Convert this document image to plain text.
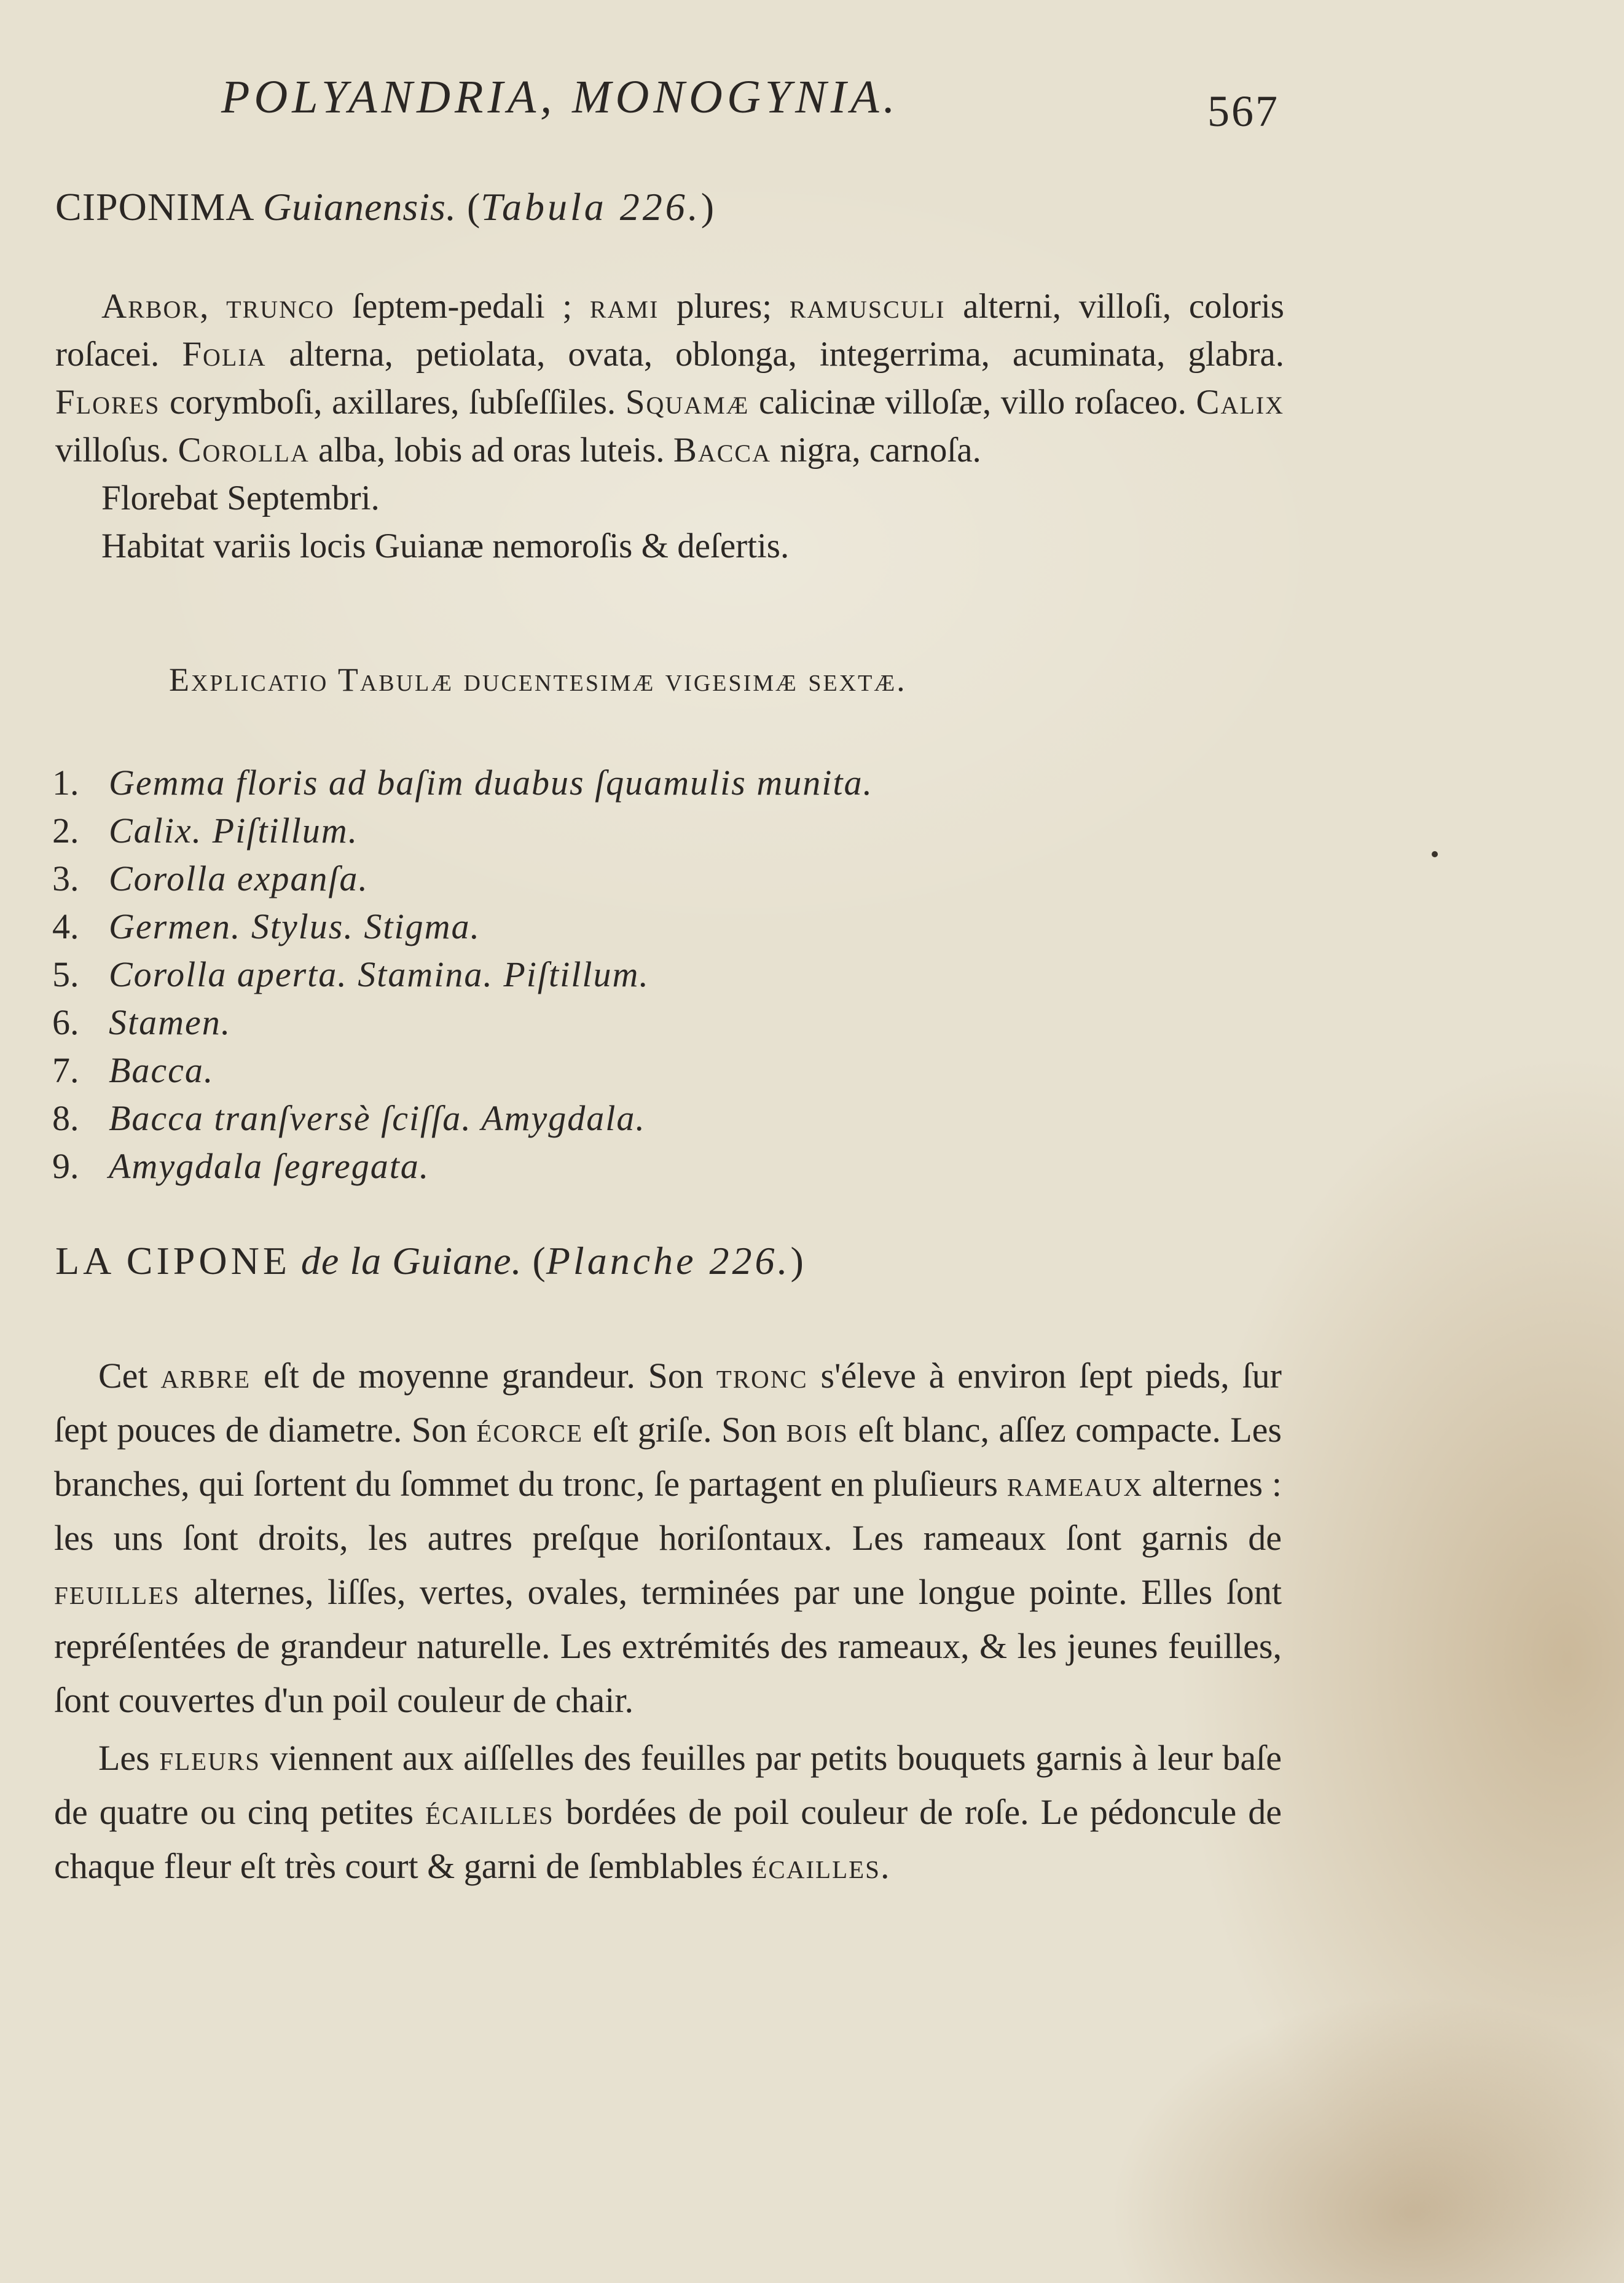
POLYANDRIA, MONOGYNIA.	567
CIPONIMA Guianensis. (Tabula 226.)

Arbor, trunco ſeptem-pedali ; rami plures; ramusculi alterni, villoſi, coloris roſacei. Folia alterna, petiolata, ovata, oblonga, integerrima, acuminata, glabra. Flores corymboſi, axillares, ſubſeſſiles. Squamæ calicinæ villoſæ, villo roſaceo. Calix villoſus. Corolla alba, lobis ad oras luteis. Bacca nigra, carnoſa.

Florebat Septembri.

Habitat variis locis Guianæ nemoroſis & deſertis.

Explicatio Tabulæ ducentesimæ vigesimæ sextæ.
1. Gemma floris ad baſim duabus ſquamulis munita.
2. Calix. Piſtillum.
3. Corolla expanſa.
4. Germen. Stylus. Stigma.
5. Corolla aperta. Stamina. Piſtillum.
6. Stamen.
7. Bacca.
8. Bacca tranſversè ſciſſa. Amygdala.
9. Amygdala ſegregata.
LA CIPONE de la Guiane. (Planche 226.)

Cet arbre eſt de moyenne grandeur. Son tronc s'éleve à environ ſept pieds, ſur ſept pouces de diametre. Son écorce eſt griſe. Son bois eſt blanc, aſſez compacte. Les branches, qui ſortent du ſommet du tronc, ſe partagent en pluſieurs rameaux alternes : les uns ſont droits, les autres preſque horiſontaux. Les rameaux ſont garnis de feuilles alternes, liſſes, vertes, ovales, terminées par une longue pointe. Elles ſont repréſentées de grandeur naturelle. Les extrémités des rameaux, & les jeunes feuilles, ſont couvertes d'un poil couleur de chair.

Les fleurs viennent aux aiſſelles des feuilles par petits bouquets garnis à leur baſe de quatre ou cinq petites écailles bordées de poil couleur de roſe. Le pédoncule de chaque fleur eſt très court & garni de ſemblables écailles.
